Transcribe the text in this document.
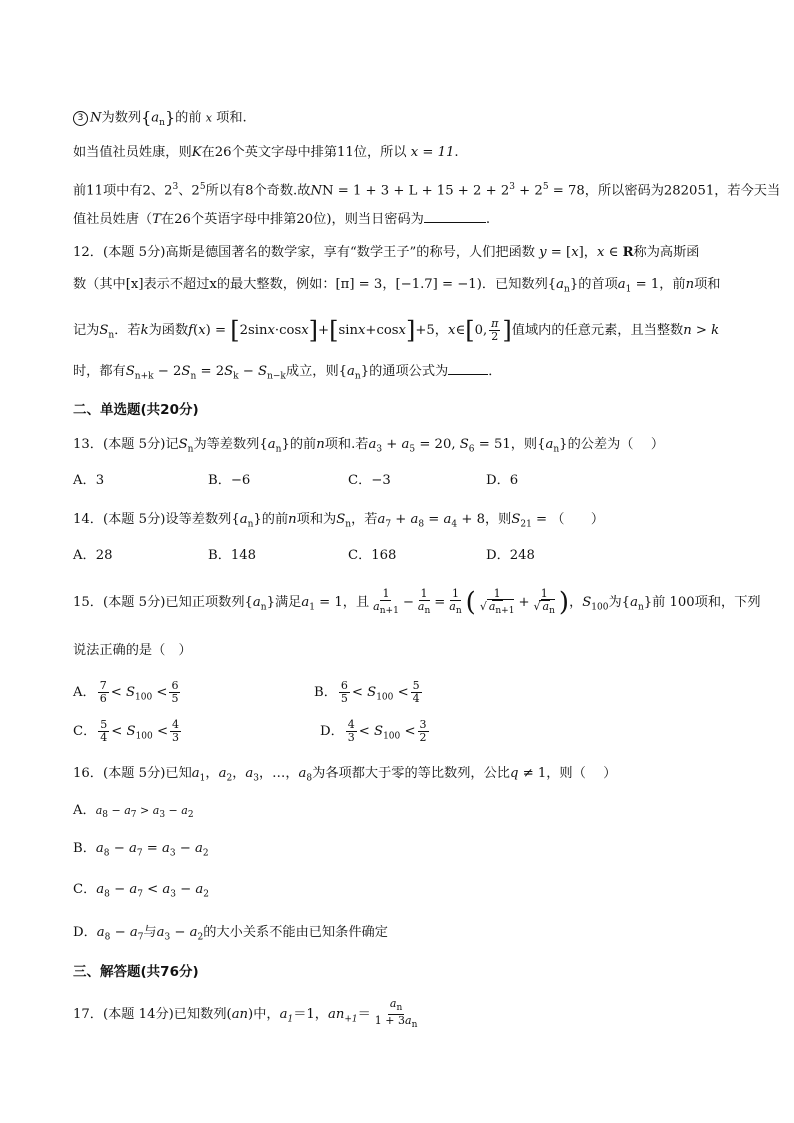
3 N为数列$\{a_n\}$的前 x 项和.
如当值社员姓康，则K在26个英文字母中排第11位，所以 x = 11.
前11项中有2、$2^3$、$2^5$所以有8个奇数.故NN = $1 + 3 + L + 15 + 2 + 2^3 + 2^5 = 78$，所以密码为282051，若今天当
值社员姓唐（T在26个英语字母中排第20位)，则当日密码为	.
12．(本题 5分)高斯是德国著名的数学家，享有“数学王子”的称号，人们把函数 y = [x]，x ∈ R称为高斯函
数（其中[x]表示不超过x的最大整数，例如：[π] = 3，[−1.7] = −1)．已知数列$\{a_n\}$的首项$a_1 = 1$，前n项和
记为$S_n$．若k为函数f(x) = [2sinx·cosx]+[sinx+cosx]+5，x∈[0, $\frac{\pi}{2}$ ]值域内的任意元素，且当整数n > k
时，都有$S_{n+k} - 2S_n = 2S_k - S_{n-k}$成立，则$\{a_n\}$的通项公式为	．
二、单选题(共20分)
13．(本题 5分)记$S_n$为等差数列$\{a_n\}$的前n项和.若$a_3 + a_5 = 20$, $S_6 = 51$，则$\{a_n\}$的公差为（　 ）
A．3	B．−6	C．−3	D．6
14．(本题 5分)设等差数列$\{a_n\}$的前n项和为$S_n$，若$a_7 + a_8 = a_4 + 8$，则$S_{21}$ = （　　）
A．28	B．148	C．168	D．248
15．(本题 5分)已知正项数列$\{a_n\}$满足$a_1 = 1$，且 $\frac{1}{a_{n+1}} - \frac{1}{a_n} = \frac{1}{a_n}$ ( $\frac{1}{√ a_{n+1}} + \frac{1}{√ a_n}$ )，$S_{100}$为$\{a_n\}$前 100项和，下列
说法正确的是（　）
A． $\frac{7}{6} < S_{100} < \frac{6}{5}$	B． $\frac{6}{5} < S_{100} < \frac{5}{4}$
C． $\frac{5}{4} < S_{100} < \frac{4}{3}$	D． $\frac{4}{3} < S_{100} < \frac{3}{2}$
16．(本题 5分)已知$a_1$，$a_2$，$a_3$，…，$a_8$为各项都大于零的等比数列，公比q ≠ 1，则（　 ）
A．$a_8 - a_7 > a_3 - a_2$
B．$a_8 - a_7 = a_3 - a_2$
C．$a_8 - a_7 < a_3 - a_2$
D．$a_8 - a_7$与$a_3 - a_2$的大小关系不能由已知条件确定
三、解答题(共76分)
17．(本题 14分)已知数列(an)中，$a_1=1$，$an_{+1}= \frac{a_n}{1 + 3a_n}$
